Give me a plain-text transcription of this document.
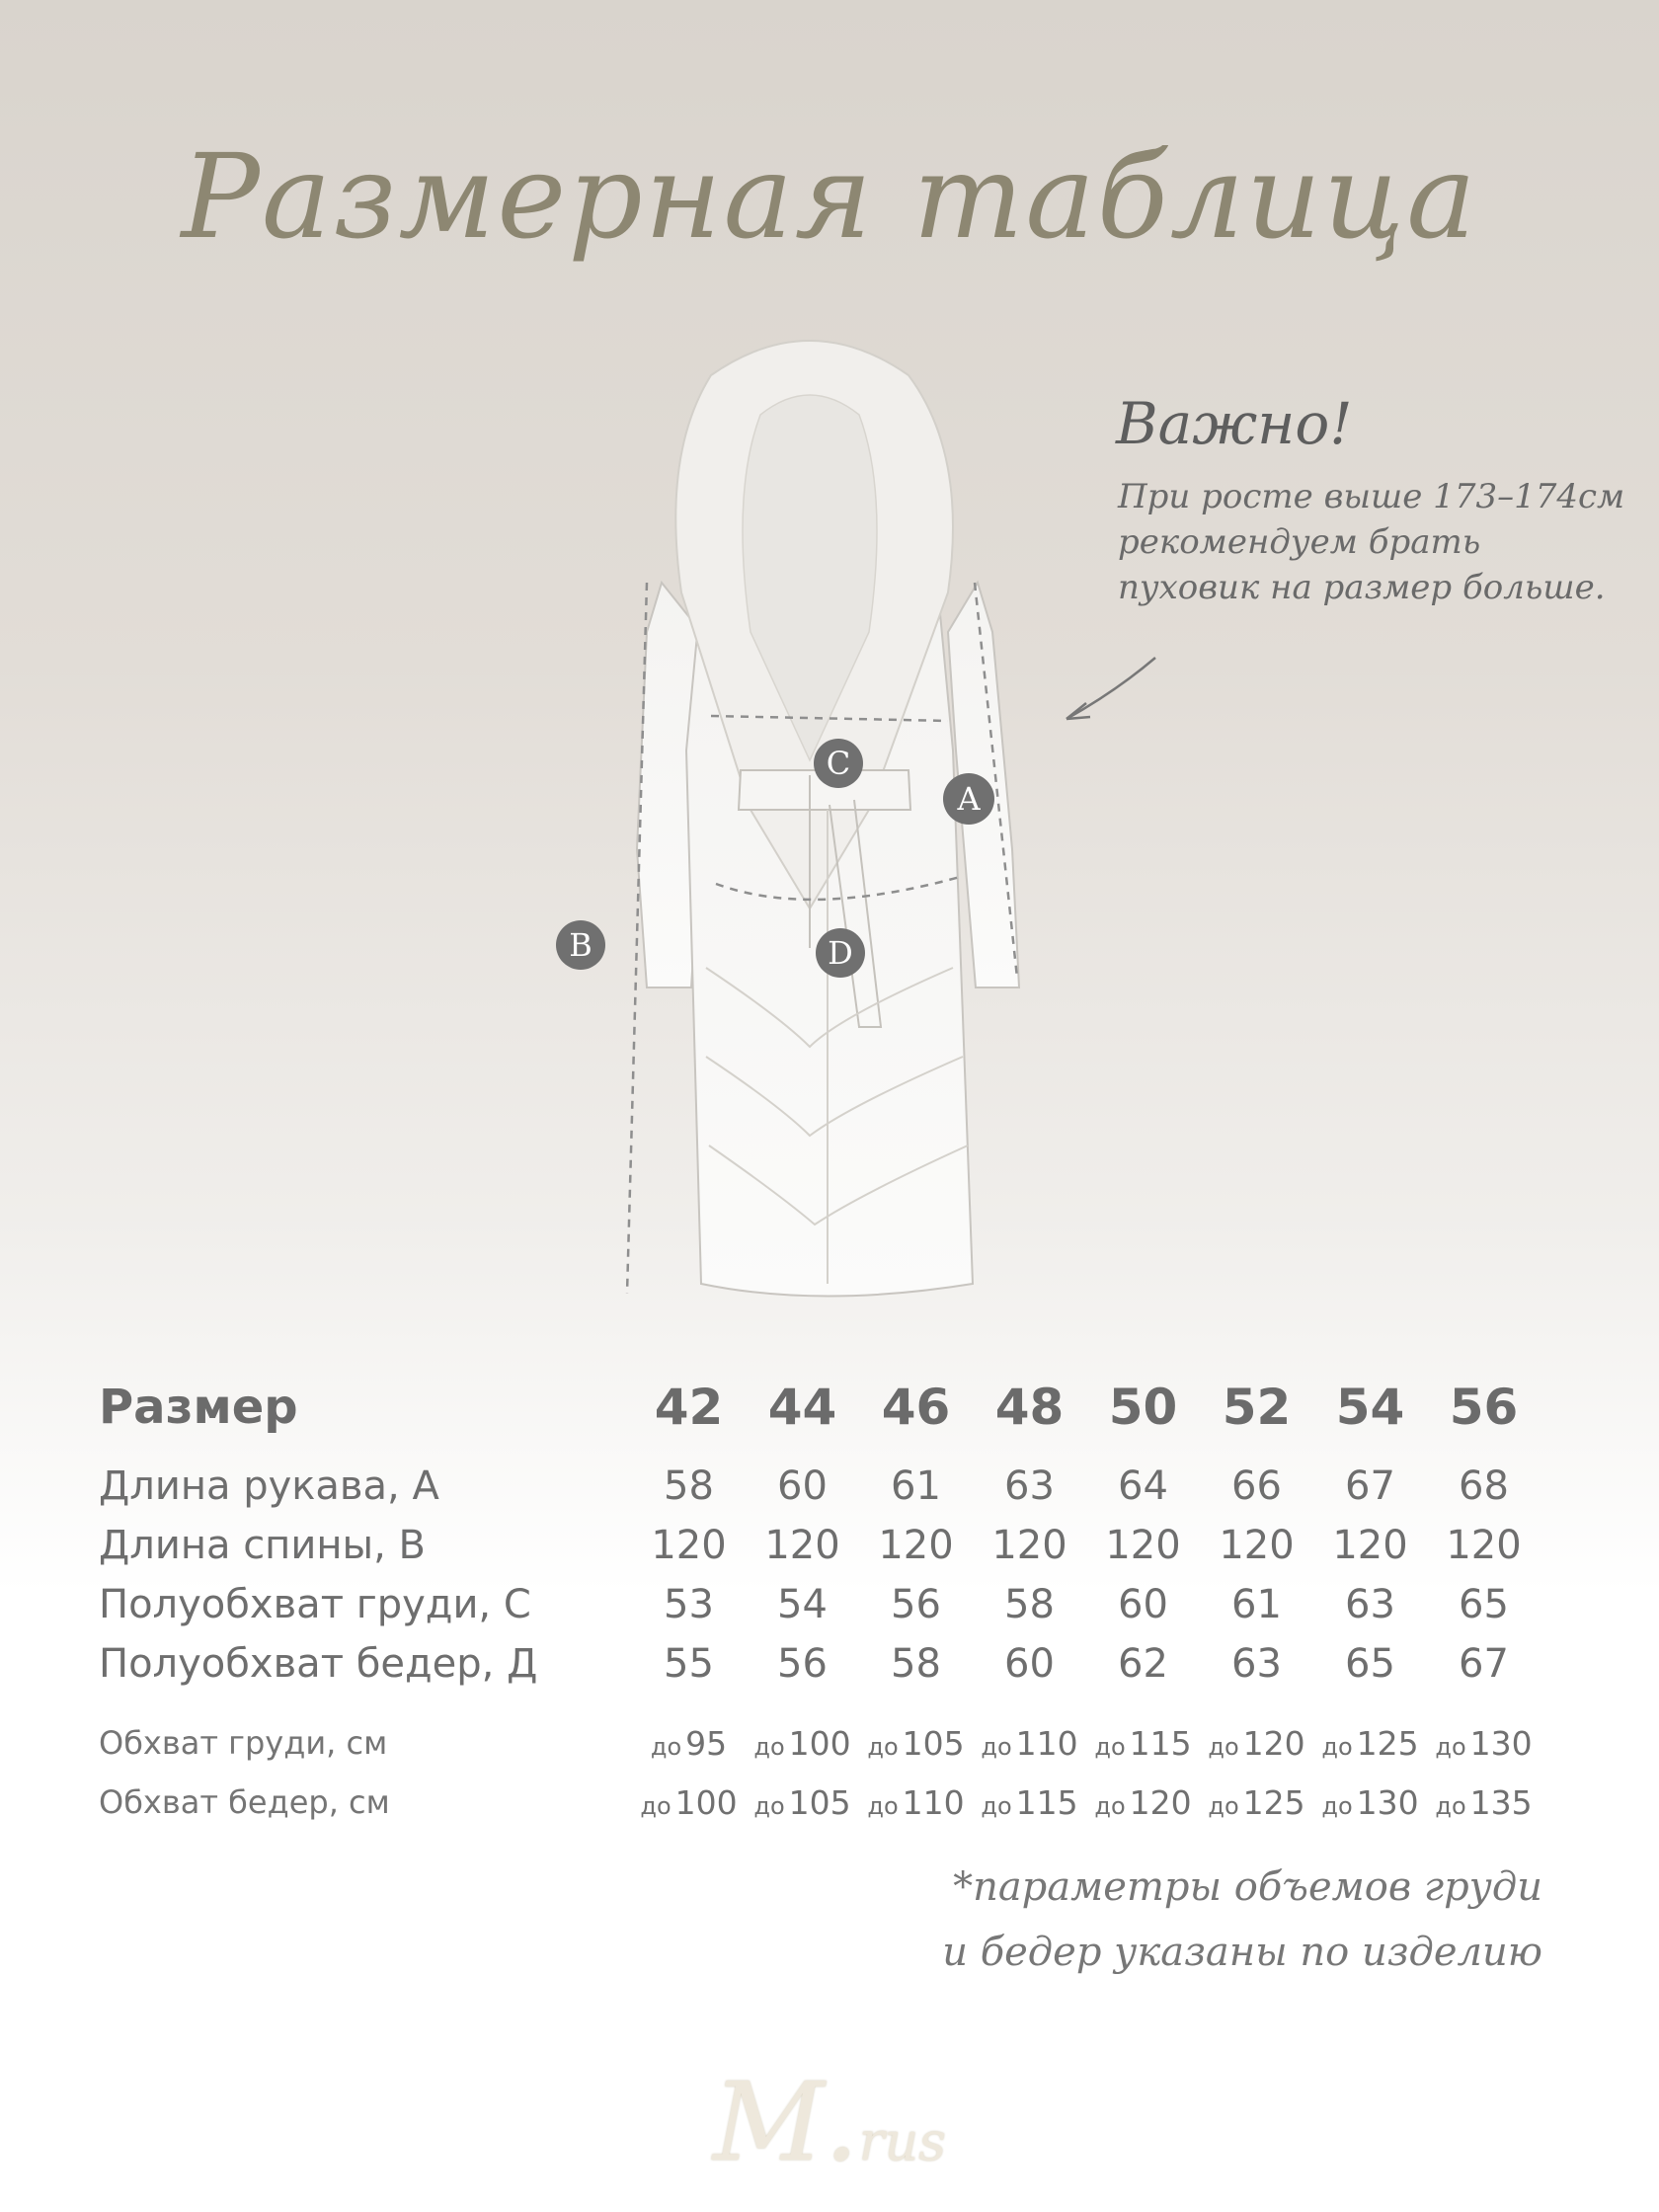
Размерная таблица
Важно!
При росте выше 173–174см рекомендуем брать пуховик на размер больше.
C
A
B	D
Размер	42	44	46	48	50	52	54	56
Длина рукава, А	58	60	61	63	64	66	67	68
Длина спины, В	120	120	120	120	120	120	120	120
Полуобхват груди, С	53	54	56	58	60	61	63	65
Полуобхват бедер, Д	55	56	58	60	62	63	65	67

Обхват груди, см	до 95	до 100	до 105	до 110	до 115	до 120	до 125	до 130
Обхват бедер, см	до 100	до 105	до 110	до 115	до 120	до 125	до 130	до 135
*параметры объемов груди
и бедер указаны по изделию
M.rus
